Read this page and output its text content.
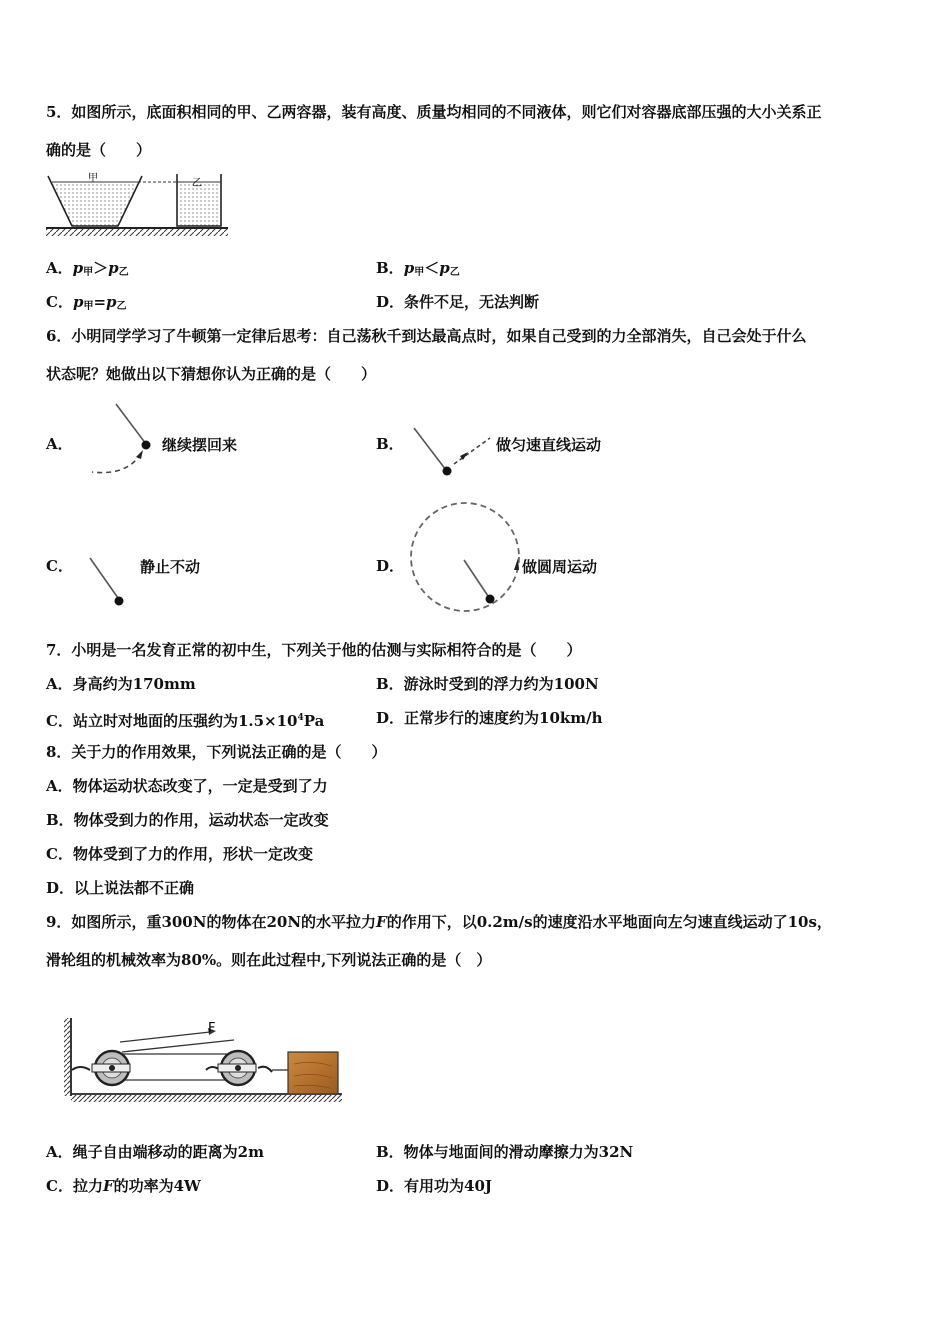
5．如图所示，底面积相同的甲、乙两容器，装有高度、质量均相同的不同液体，则它们对容器底部压强的大小关系正
确的是（　　）
甲	乙
A．$p_甲>p_乙$	B．$p_甲<p_乙$
C．$p_甲=p_乙$	D．条件不足，无法判断
6．小明同学学习了牛顿第一定律后思考：自己荡秋千到达最高点时，如果自己受到的力全部消失，自己会处于什么
状态呢？她做出以下猜想你认为正确的是（　　）
A．	继续摆回来	B．	做匀速直线运动
C．	静止不动	D．	做圆周运动
7．小明是一名发育正常的初中生，下列关于他的估测与实际相符合的是（　　）
A．身高约为170mm	B．游泳时受到的浮力约为100N
C．站立时对地面的压强约为$1.5\times 10^4Pa$	D．正常步行的速度约为10km/h
8．关于力的作用效果，下列说法正确的是（　　）
A．物体运动状态改变了，一定是受到了力
B．物体受到力的作用，运动状态一定改变
C．物体受到了力的作用，形状一定改变
D．以上说法都不正确
9．如图所示，重300N的物体在20N的水平拉力F的作用下，以0.2m/s的速度沿水平地面向左匀速直线运动了10s，
滑轮组的机械效率为80%。则在此过程中,下列说法正确的是（　）
F
A．绳子自由端移动的距离为2m	B．物体与地面间的滑动摩擦力为32N
C．拉力F的功率为4W	D．有用功为40J
